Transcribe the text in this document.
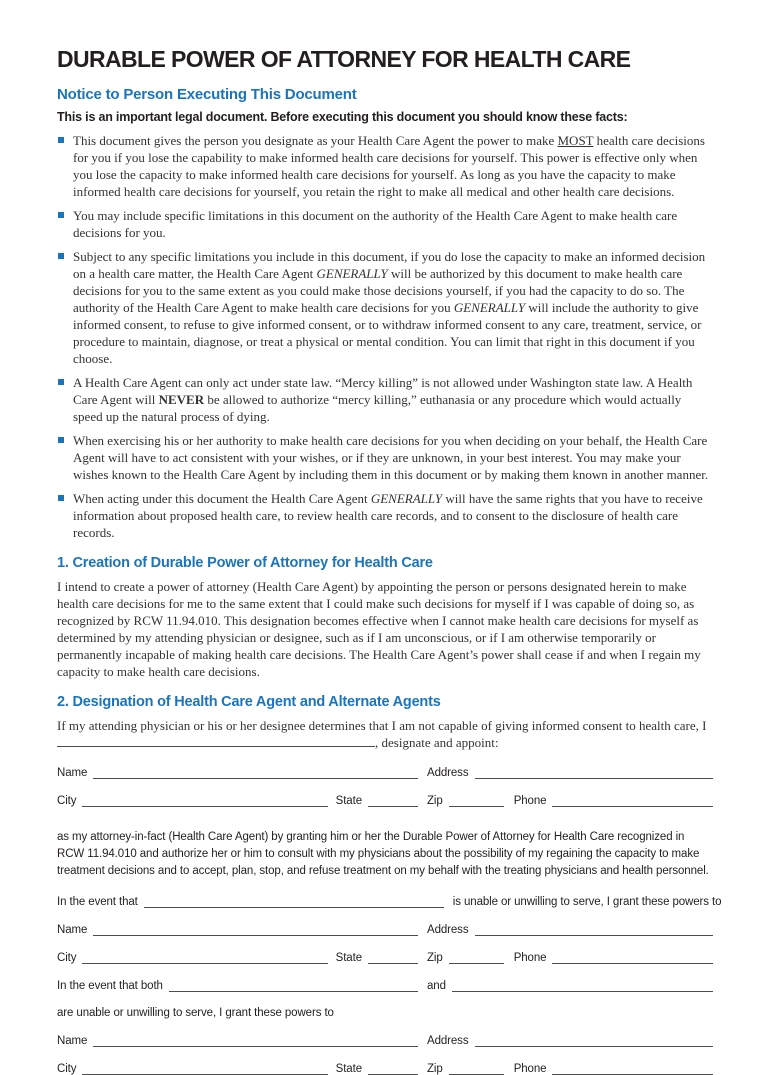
DURABLE POWER OF ATTORNEY FOR HEALTH CARE
Notice to Person Executing This Document

This is an important legal document. Before executing this document you should know these facts:

This document gives the person you designate as your Health Care Agent the power to make MOST health care decisions for you if you lose the capability to make informed health care decisions for yourself. This power is effective only when you lose the capacity to make informed health care decisions for yourself. As long as you have the capacity to make informed health care decisions for yourself, you retain the right to make all medical and other health care decisions.
You may include specific limitations in this document on the authority of the Health Care Agent to make health care decisions for you.
Subject to any specific limitations you include in this document, if you do lose the capacity to make an informed decision on a health care matter, the Health Care Agent GENERALLY will be authorized by this document to make health care decisions for you to the same extent as you could make those decisions yourself, if you had the capacity to do so. The authority of the Health Care Agent to make health care decisions for you GENERALLY will include the authority to give informed consent, to refuse to give informed consent, or to withdraw informed consent to any care, treatment, service, or procedure to maintain, diagnose, or treat a physical or mental condition. You can limit that right in this document if you choose.
A Health Care Agent can only act under state law. “Mercy killing” is not allowed under Washington state law. A Health Care Agent will NEVER be allowed to authorize “mercy killing,” euthanasia or any procedure which would actually speed up the natural process of dying.
When exercising his or her authority to make health care decisions for you when deciding on your behalf, the Health Care Agent will have to act consistent with your wishes, or if they are unknown, in your best interest. You may make your wishes known to the Health Care Agent by including them in this document or by making them known in another manner.
When acting under this document the Health Care Agent GENERALLY will have the same rights that you have to receive information about proposed health care, to review health care records, and to consent to the disclosure of health care records.
1. Creation of Durable Power of Attorney for Health Care

I intend to create a power of attorney (Health Care Agent) by appointing the person or persons designated herein to make health care decisions for me to the same extent that I could make such decisions for myself if I was capable of doing so, as recognized by RCW 11.94.010. This designation becomes effective when I cannot make health care decisions for myself as determined by my attending physician or designee, such as if I am unconscious, or if I am otherwise temporarily or permanently incapable of making health care decisions. The Health Care Agent’s power shall cease if and when I regain my capacity to make health care decisions.

2. Designation of Health Care Agent and Alternate Agents

If my attending physician or his or her designee determines that I am not capable of giving informed consent to health care, I , designate and appoint:

Name	Address
City	State	Zip	Phone

as my attorney-in-fact (Health Care Agent) by granting him or her the Durable Power of Attorney for Health Care recognized in RCW 11.94.010 and authorize her or him to consult with my physicians about the possibility of my regaining the capacity to make treatment decisions and to accept, plan, stop, and refuse treatment on my behalf with the treating physicians and health personnel.

In the event that	is unable or unwilling to serve, I grant these powers to
Name	Address
City	State	Zip	Phone
In the event that both	and
are unable or unwilling to serve, I grant these powers to
Name	Address
City	State	Zip	Phone
